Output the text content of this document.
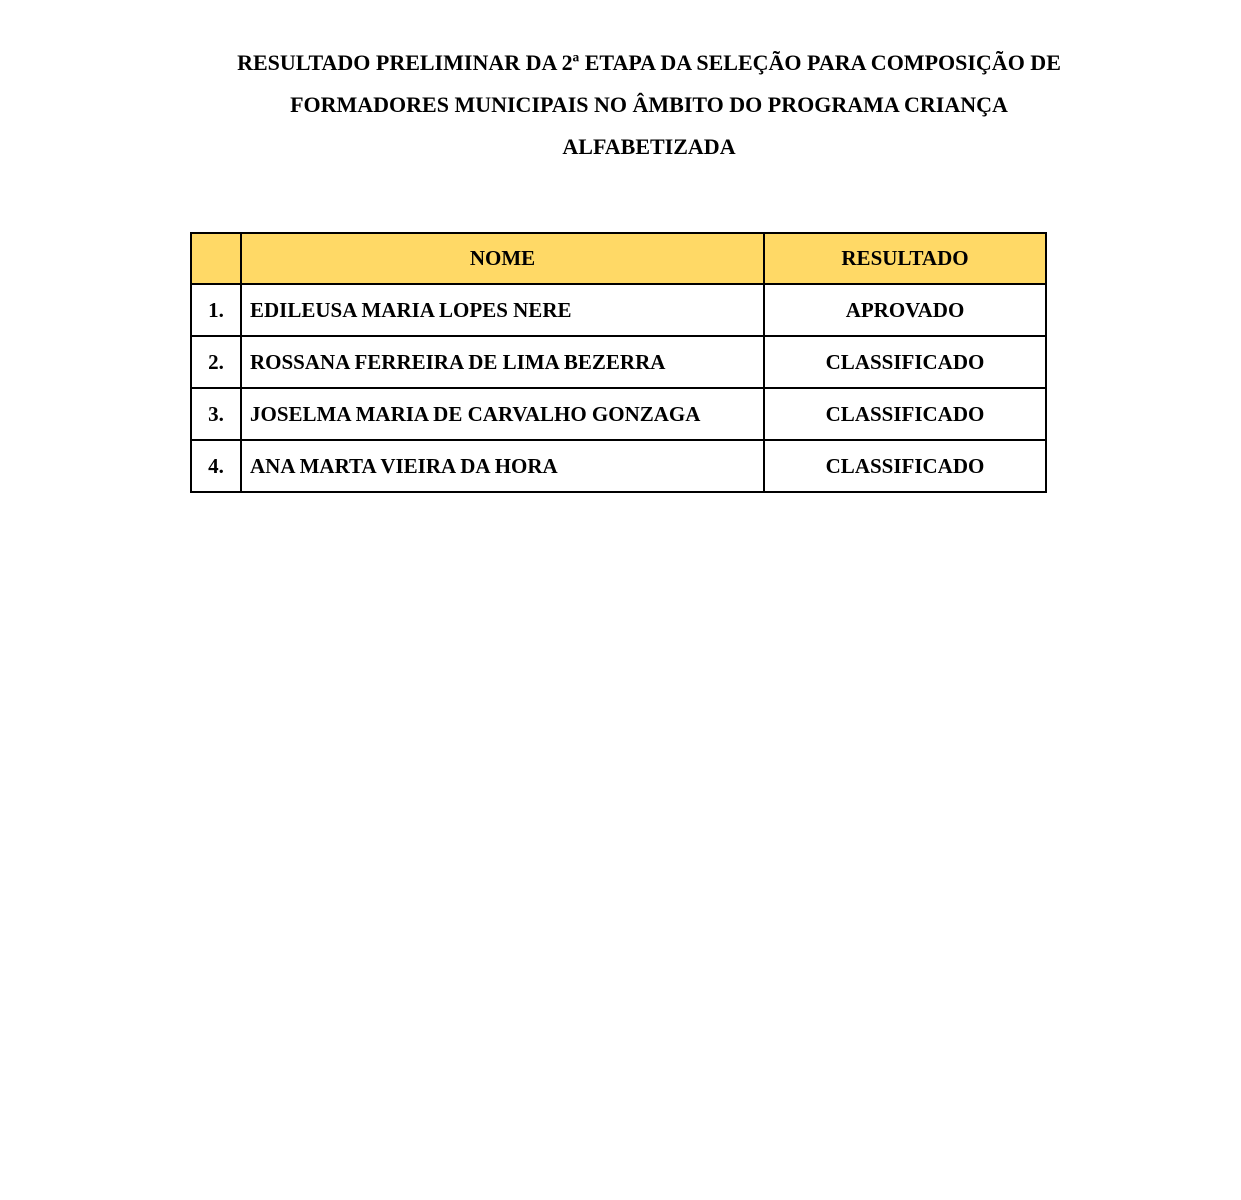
RESULTADO PRELIMINAR DA 2ª ETAPA DA SELEÇÃO PARA COMPOSIÇÃO DE
FORMADORES MUNICIPAIS NO ÂMBITO DO PROGRAMA CRIANÇA
ALFABETIZADA
	NOME	RESULTADO
1.	EDILEUSA MARIA LOPES NERE	APROVADO
2.	ROSSANA FERREIRA DE LIMA BEZERRA	CLASSIFICADO
3.	JOSELMA MARIA DE CARVALHO GONZAGA	CLASSIFICADO
4.	ANA MARTA VIEIRA DA HORA	CLASSIFICADO
